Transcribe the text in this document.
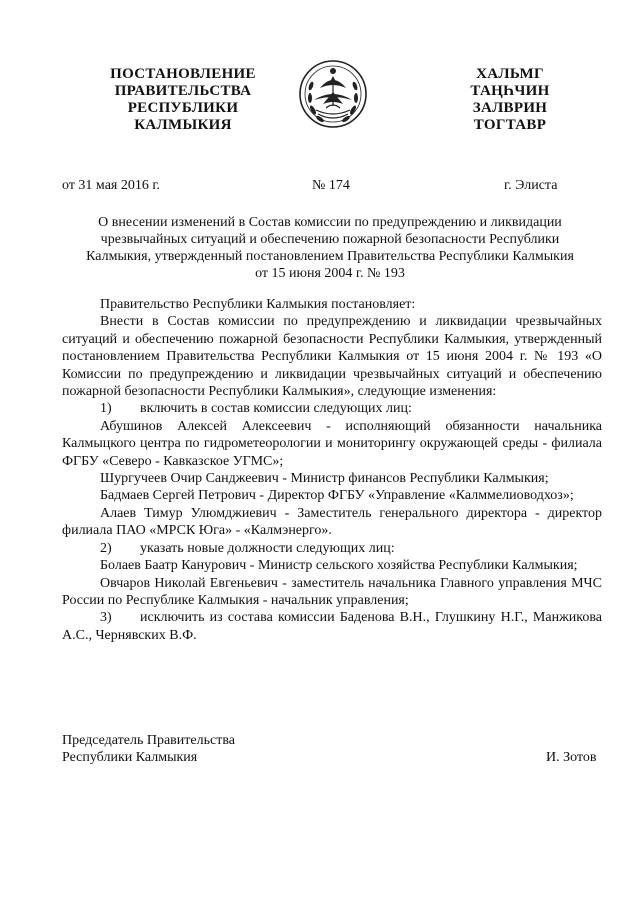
ПОСТАНОВЛЕНИЕ
ПРАВИТЕЛЬСТВА
РЕСПУБЛИКИ
КАЛМЫКИЯ
ХАЛЬМГ
ТАҢҺЧИН
ЗАЛВРИН
ТОГТАВР
от 31 мая 2016 г.	№ 174	г. Элиста
О внесении изменений в Состав комиссии по предупреждению и ликвидации
чрезвычайных ситуаций и обеспечению пожарной безопасности Республики
Калмыкия, утвержденный постановлением Правительства Республики Калмыкия
от 15 июня 2004 г. № 193

Правительство Республики Калмыкия постановляет:

Внести в Состав комиссии по предупреждению и ликвидации чрезвычайных ситуаций и обеспечению пожарной безопасности Республики Калмыкия, утвержденный постановлением Правительства Республики Калмыкия от 15 июня 2004 г. № 193 «О Комиссии по предупреждению и ликвидации чрезвычайных ситуаций и обеспечению пожарной безопасности Республики Калмыкия», следующие изменения:

1) включить в состав комиссии следующих лиц:

Абушинов Алексей Алексеевич - исполняющий обязанности начальника Калмыцкого центра по гидрометеорологии и мониторингу окружающей среды - филиала ФГБУ «Северо - Кавказское УГМС»;

Шургучеев Очир Санджеевич - Министр финансов Республики Калмыкия;

Бадмаев Сергей Петрович - Директор ФГБУ «Управление «Калммелиоводхоз»;

Алаев Тимур Улюмджиевич - Заместитель генерального директора - директор филиала ПАО «МРСК Юга» - «Калмэнерго».

2) указать новые должности следующих лиц:

Болаев Баатр Канурович - Министр сельского хозяйства Республики Калмыкия;

Овчаров Николай Евгеньевич - заместитель начальника Главного управления МЧС России по Республике Калмыкия - начальник управления;

3) исключить из состава комиссии Баденова В.Н., Глушкину Н.Г., Манжикова А.С., Чернявских В.Ф.

Председатель Правительства
Республики Калмыкия	И. Зотов
